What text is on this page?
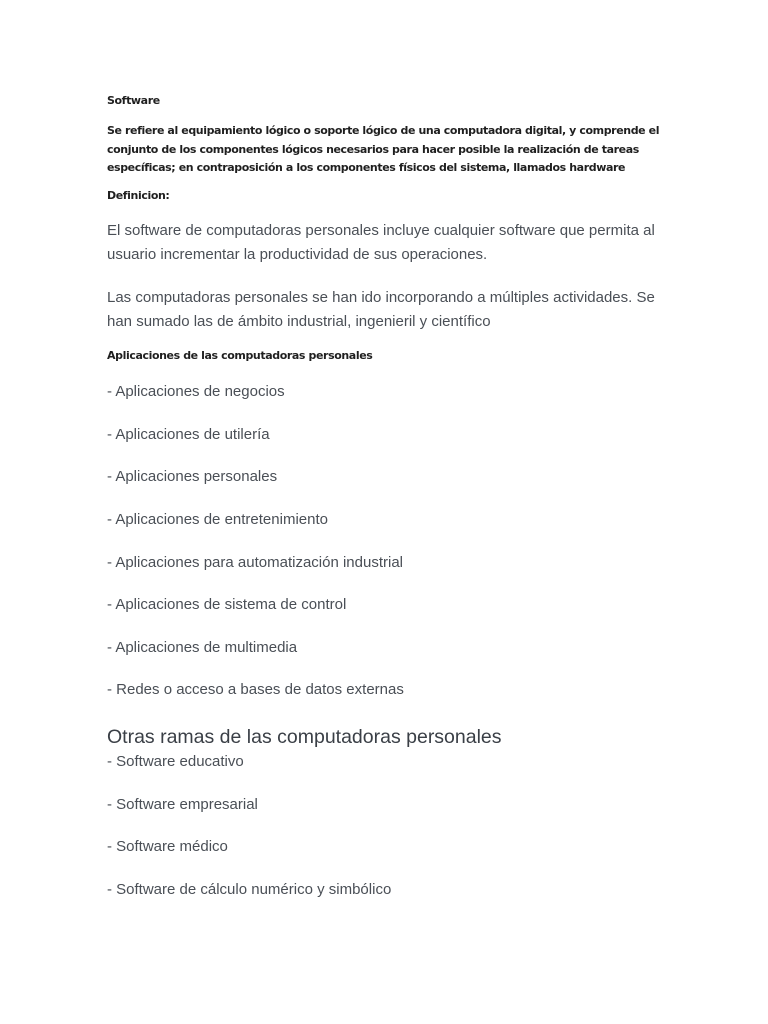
Software

Se refiere al equipamiento lógico o soporte lógico de una computadora digital, y comprende el conjunto de los componentes lógicos necesarios para hacer posible la realización de tareas específicas; en contraposición a los componentes físicos del sistema, llamados hardware

Definicion:

El software de computadoras personales incluye cualquier software que permita al usuario incrementar la productividad de sus operaciones.

Las computadoras personales se han ido incorporando a múltiples actividades. Se han sumado las de ámbito industrial, ingenieril y científico

Aplicaciones de las computadoras personales
- Aplicaciones de negocios
- Aplicaciones de utilería
- Aplicaciones personales
- Aplicaciones de entretenimiento
- Aplicaciones para automatización industrial
- Aplicaciones de sistema de control
- Aplicaciones de multimedia
- Redes o acceso a bases de datos externas
Otras ramas de las computadoras personales
- Software educativo
- Software empresarial
- Software médico
- Software de cálculo numérico y simbólico
